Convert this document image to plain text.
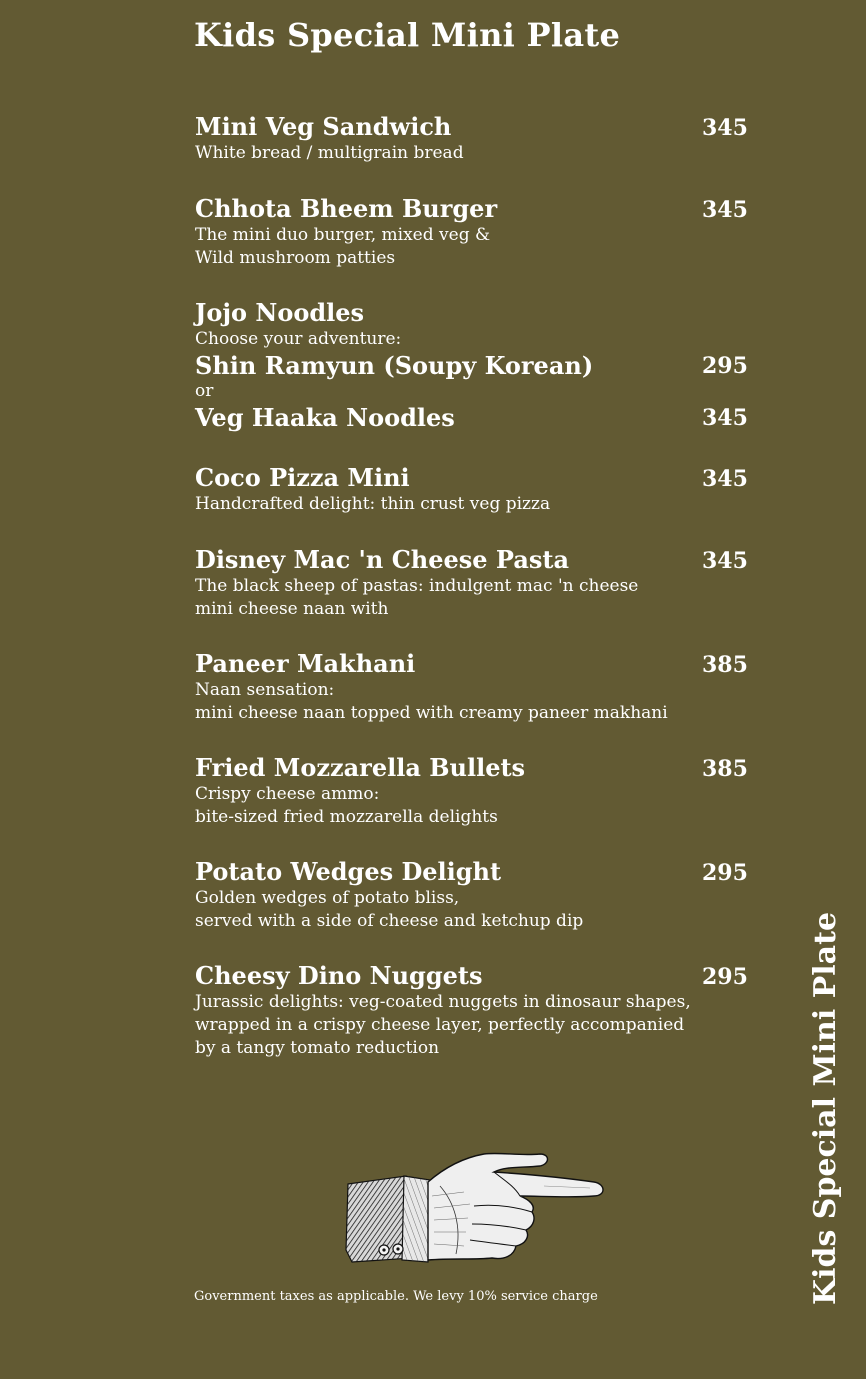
Kids Special Mini Plate
Mini Veg Sandwich	345
White bread / multigrain bread
Chhota Bheem Burger	345
The mini duo burger, mixed veg &
Wild mushroom patties
Jojo Noodles
Choose your adventure:
Shin Ramyun (Soupy Korean)	295
or
Veg Haaka Noodles	345
Coco Pizza Mini	345
Handcrafted delight: thin crust veg pizza
Disney Mac 'n Cheese Pasta	345
The black sheep of pastas: indulgent mac 'n cheese
mini cheese naan with
Paneer Makhani	385
Naan sensation:
mini cheese naan topped with creamy paneer makhani
Fried Mozzarella Bullets	385
Crispy cheese ammo:
bite-sized fried mozzarella delights
Potato Wedges Delight	295
Golden wedges of potato bliss,
served with a side of cheese and ketchup dip
Cheesy Dino Nuggets	295
Jurassic delights: veg-coated nuggets in dinosaur shapes,
wrapped in a crispy cheese layer, perfectly accompanied
by a tangy tomato reduction
Government taxes as applicable. We levy 10% service charge	Kids Special Mini Plate
